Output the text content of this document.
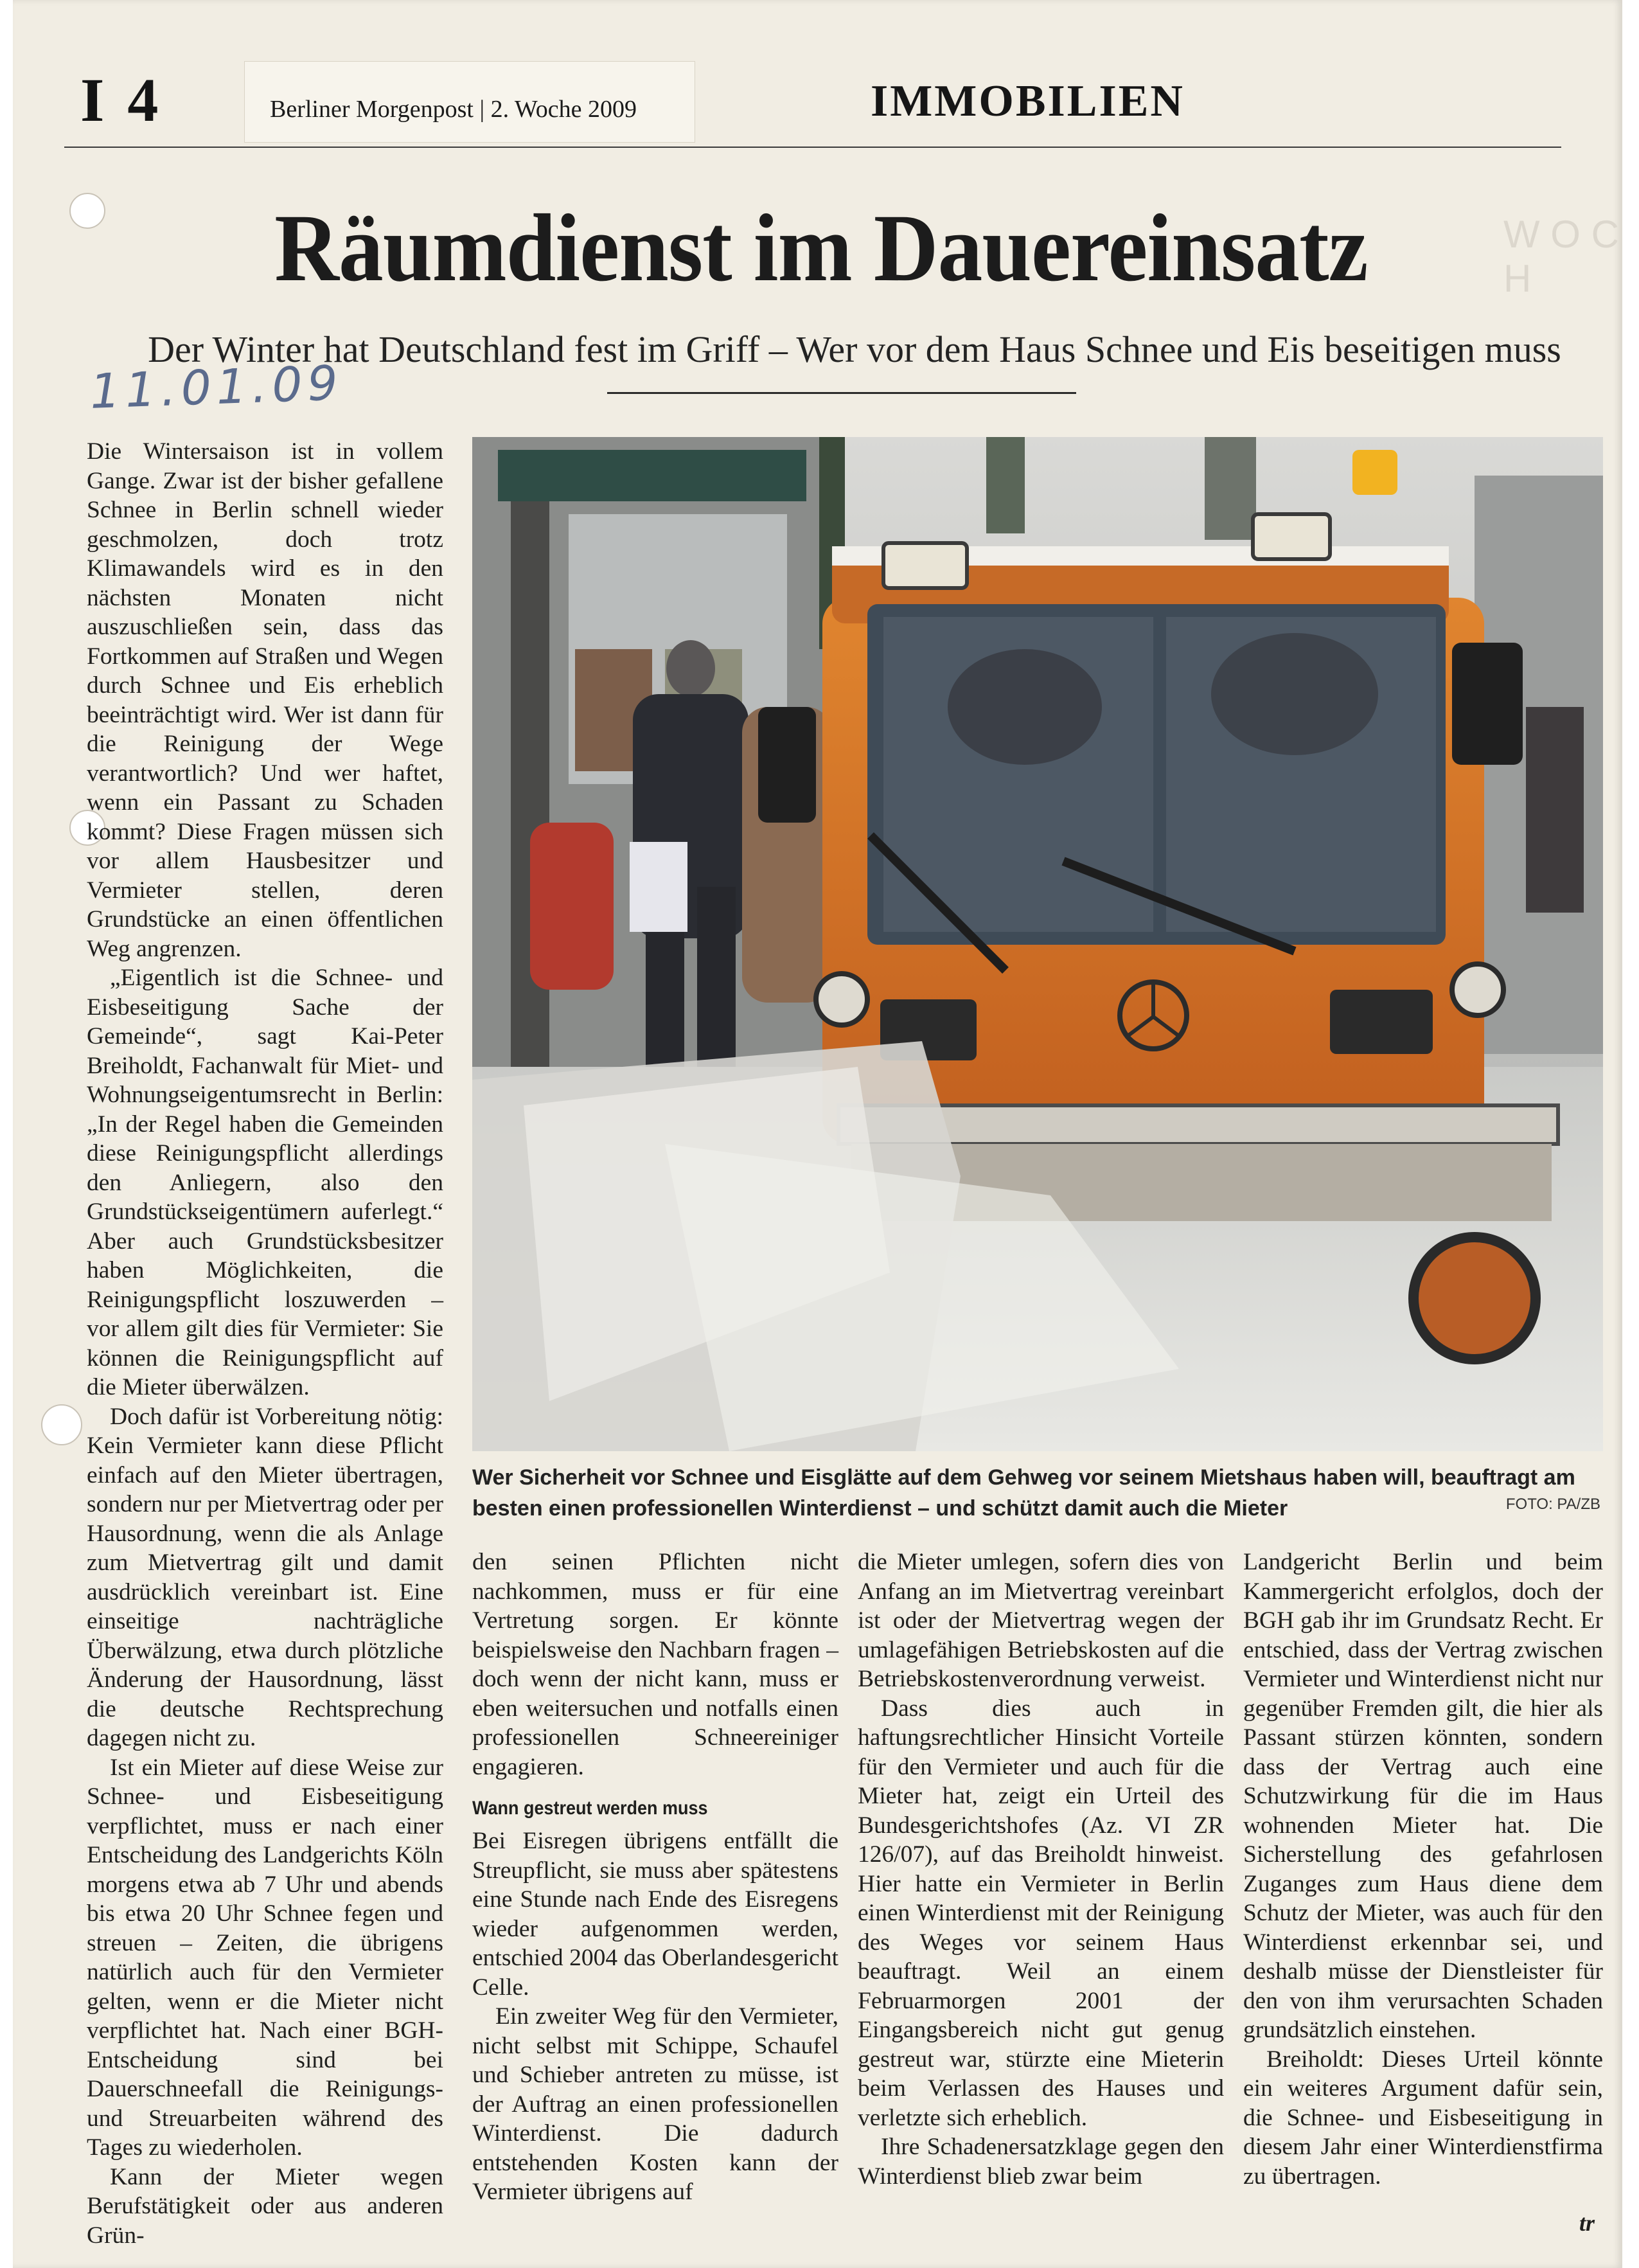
W O C H
I 4	Berliner Morgenpost | 2. Woche 2009	IMMOBILIEN
Räumdienst im Dauereinsatz
Der Winter hat Deutschland fest im Griff – Wer vor dem Haus Schnee und Eis beseitigen muss
11.01.09
Wer Sicherheit vor Schnee und Eisglätte auf dem Gehweg vor seinem Mietshaus haben will, beauftragt am besten einen professionellen Winterdienst – und schützt damit auch die Mieter	FOTO: PA/ZB

Die Wintersaison ist in vollem Gange. Zwar ist der bisher gefallene Schnee in Berlin schnell wieder geschmolzen, doch trotz Klimawandels wird es in den nächsten Monaten nicht auszuschließen sein, dass das Fortkommen auf Straßen und Wegen durch Schnee und Eis erheblich beeinträchtigt wird. Wer ist dann für die Reinigung der Wege verantwortlich? Und wer haftet, wenn ein Passant zu Schaden kommt? Diese Fragen müssen sich vor allem Hausbesitzer und Vermieter stellen, deren Grundstücke an einen öffentlichen Weg angrenzen.

„Eigentlich ist die Schnee- und Eisbeseitigung Sache der Gemeinde“, sagt Kai-Peter Breiholdt, Fachanwalt für Miet- und Wohnungseigentumsrecht in Berlin: „In der Regel haben die Gemeinden diese Reinigungspflicht allerdings den Anliegern, also den Grundstückseigentümern auferlegt.“ Aber auch Grundstücksbesitzer haben Möglichkeiten, die Reinigungspflicht loszuwerden – vor allem gilt dies für Vermieter: Sie können die Reinigungspflicht auf die Mieter überwälzen.

Doch dafür ist Vorbereitung nötig: Kein Vermieter kann diese Pflicht einfach auf den Mieter übertragen, sondern nur per Mietvertrag oder per Hausordnung, wenn die als Anlage zum Mietvertrag gilt und damit ausdrücklich vereinbart ist. Eine einseitige nachträgliche Überwälzung, etwa durch plötzliche Änderung der Hausordnung, lässt die deutsche Rechtsprechung dagegen nicht zu.

Ist ein Mieter auf diese Weise zur Schnee- und Eisbeseitigung verpflichtet, muss er nach einer Entscheidung des Landgerichts Köln morgens etwa ab 7 Uhr und abends bis etwa 20 Uhr Schnee fegen und streuen – Zeiten, die übrigens natürlich auch für den Vermieter gelten, wenn er die Mieter nicht verpflichtet hat. Nach einer BGH-Entscheidung sind bei Dauerschneefall die Reinigungs- und Streuarbeiten während des Tages zu wiederholen.

Kann der Mieter wegen Berufstätigkeit oder aus anderen Grün-

den seinen Pflichten nicht nachkommen, muss er für eine Vertretung sorgen. Er könnte beispielsweise den Nachbarn fragen – doch wenn der nicht kann, muss er eben weitersuchen und notfalls einen professionellen Schneereiniger engagieren.

Wann gestreut werden muss

Bei Eisregen übrigens entfällt die Streupflicht, sie muss aber spätestens eine Stunde nach Ende des Eisregens wieder aufgenommen werden, entschied 2004 das Oberlandesgericht Celle.

Ein zweiter Weg für den Vermieter, nicht selbst mit Schippe, Schaufel und Schieber antreten zu müsse, ist der Auftrag an einen professionellen Winterdienst. Die dadurch entstehenden Kosten kann der Vermieter übrigens auf

die Mieter umlegen, sofern dies von Anfang an im Mietvertrag vereinbart ist oder der Mietvertrag wegen der umlagefähigen Betriebskosten auf die Betriebskostenverordnung verweist.

Dass dies auch in haftungsrechtlicher Hinsicht Vorteile für den Vermieter und auch für die Mieter hat, zeigt ein Urteil des Bundesgerichtshofes (Az. VI ZR 126/07), auf das Breiholdt hinweist. Hier hatte ein Vermieter in Berlin einen Winterdienst mit der Reinigung des Weges vor seinem Haus beauftragt. Weil an einem Februarmorgen 2001 der Eingangsbereich nicht gut genug gestreut war, stürzte eine Mieterin beim Verlassen des Hauses und verletzte sich erheblich.

Ihre Schadenersatzklage gegen den Winterdienst blieb zwar beim

Landgericht Berlin und beim Kammergericht erfolglos, doch der BGH gab ihr im Grundsatz Recht. Er entschied, dass der Vertrag zwischen Vermieter und Winterdienst nicht nur gegenüber Fremden gilt, die hier als Passant stürzen könnten, sondern dass der Vertrag auch eine Schutzwirkung für die im Haus wohnenden Mieter hat. Die Sicherstellung des gefahrlosen Zuganges zum Haus diene dem Schutz der Mieter, was auch für den Winterdienst erkennbar sei, und deshalb müsse der Dienstleister für den von ihm verursachten Schaden grundsätzlich einstehen.

Breiholdt: Dieses Urteil könnte ein weiteres Argument dafür sein, die Schnee- und Eisbeseitigung in diesem Jahr einer Winterdienstfirma zu übertragen.

tr
